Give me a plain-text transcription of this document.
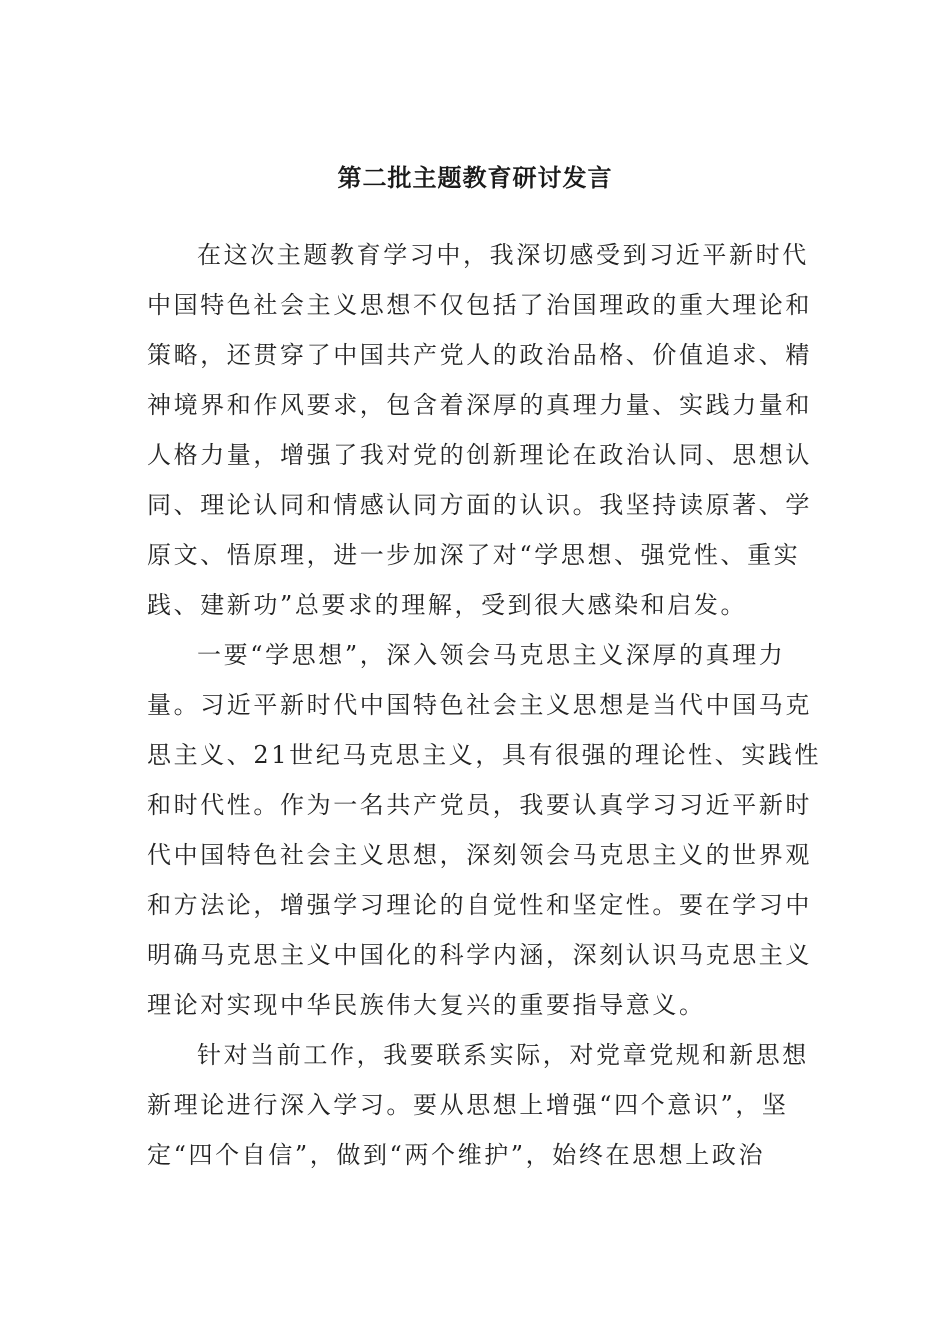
第二批主题教育研讨发言
在这次主题教育学习中，我深切感受到习近平新时代
中国特色社会主义思想不仅包括了治国理政的重大理论和
策略，还贯穿了中国共产党人的政治品格、价值追求、精
神境界和作风要求，包含着深厚的真理力量、实践力量和
人格力量，增强了我对党的创新理论在政治认同、思想认
同、理论认同和情感认同方面的认识。我坚持读原著、学
原文、悟原理，进一步加深了对“学思想、强党性、重实
践、建新功”总要求的理解，受到很大感染和启发。
一要“学思想”，深入领会马克思主义深厚的真理力
量。习近平新时代中国特色社会主义思想是当代中国马克
思主义、21世纪马克思主义，具有很强的理论性、实践性
和时代性。作为一名共产党员，我要认真学习习近平新时
代中国特色社会主义思想，深刻领会马克思主义的世界观
和方法论，增强学习理论的自觉性和坚定性。要在学习中
明确马克思主义中国化的科学内涵，深刻认识马克思主义
理论对实现中华民族伟大复兴的重要指导意义。
针对当前工作，我要联系实际，对党章党规和新思想
新理论进行深入学习。要从思想上增强“四个意识”，坚
定“四个自信”，做到“两个维护”，始终在思想上政治
